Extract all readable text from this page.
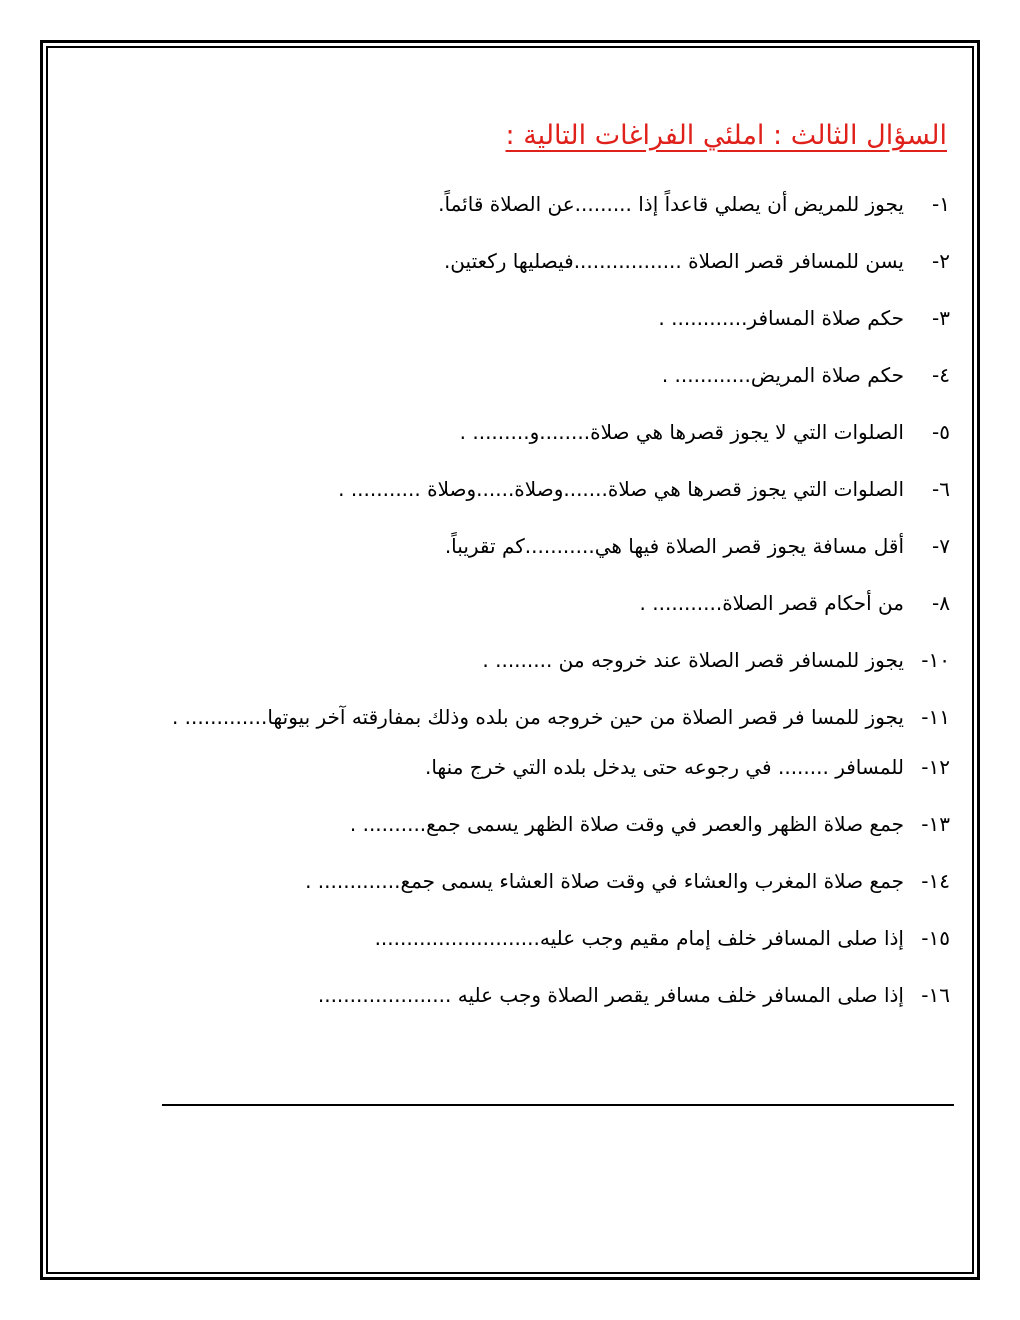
السؤال الثالث : املئي الفراغات التالية :
١-
يجوز للمريض أن يصلي قاعداً إذا .........عن الصلاة قائماً.
٢-
يسن للمسافر قصر الصلاة .................فيصليها ركعتين.
٣-
حكم صلاة المسافر............ .
٤-
حكم صلاة المريض............ .
٥-
الصلوات التي لا يجوز قصرها هي صلاة........و......... .
٦-
الصلوات التي يجوز قصرها هي صلاة.......وصلاة......وصلاة ........... .
٧-
أقل مسافة يجوز قصر الصلاة فيها هي...........كم تقريباً.
٨-
من أحكام قصر الصلاة........... .
١٠-
يجوز للمسافر قصر الصلاة عند خروجه من ......... .
١١-
يجوز للمسا فر قصر الصلاة من حين خروجه من بلده وذلك بمفارقته آخر بيوتها............. .
١٢-
للمسافر ........ في رجوعه حتى يدخل بلده التي خرج منها.
١٣-
جمع صلاة الظهر والعصر في وقت صلاة الظهر يسمى جمع.......... .
١٤-
جمع صلاة المغرب والعشاء في وقت صلاة العشاء يسمى جمع............. .
١٥-
إذا صلى المسافر خلف إمام مقيم وجب عليه..........................
١٦-
إذا صلى المسافر خلف مسافر يقصر الصلاة وجب عليه .....................
